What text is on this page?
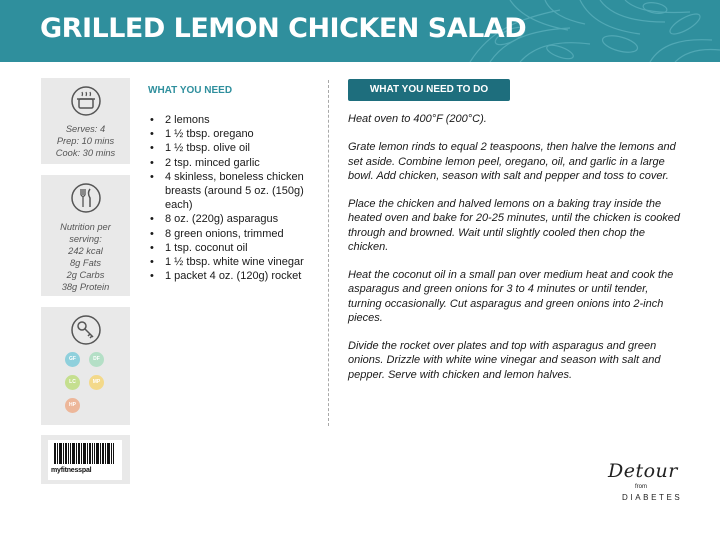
GRILLED LEMON CHICKEN SALAD
Serves: 4
Prep: 10 mins
Cook: 30 mins
Nutrition per
serving:
242 kcal
8g Fats
2g Carbs
38g Protein
GF	DF
LC	MP
HP
myfitnesspal
WHAT YOU NEED
• 2 lemons
• 1 ½ tbsp. oregano
• 1 ½ tbsp. olive oil
• 2 tsp. minced garlic
• 4 skinless, boneless chicken breasts (around 5 oz. (150g) each)
• 8 oz. (220g) asparagus
• 8 green onions, trimmed
• 1 tsp. coconut oil
• 1 ½ tbsp. white wine vinegar
• 1 packet 4 oz. (120g) rocket
WHAT YOU NEED TO DO

Heat oven to 400°F (200°C).

Grate lemon rinds to equal 2 teaspoons, then halve the lemons and set aside. Combine lemon peel, oregano, oil, and garlic in a large bowl. Add chicken, season with salt and pepper and toss to cover.

Place the chicken and halved lemons on a baking tray inside the heated oven and bake for 20-25 minutes, until the chicken is cooked through and browned. Wait until slightly cooled then chop the chicken.

Heat the coconut oil in a small pan over medium heat and cook the asparagus and green onions for 3 to 4 minutes or until tender, turning occasionally. Cut asparagus and green onions into 2-inch pieces.

Divide the rocket over plates and top with asparagus and green onions. Drizzle with white wine vinegar and season with salt and pepper. Serve with chicken and lemon halves.

Detour
from
DIABETES
